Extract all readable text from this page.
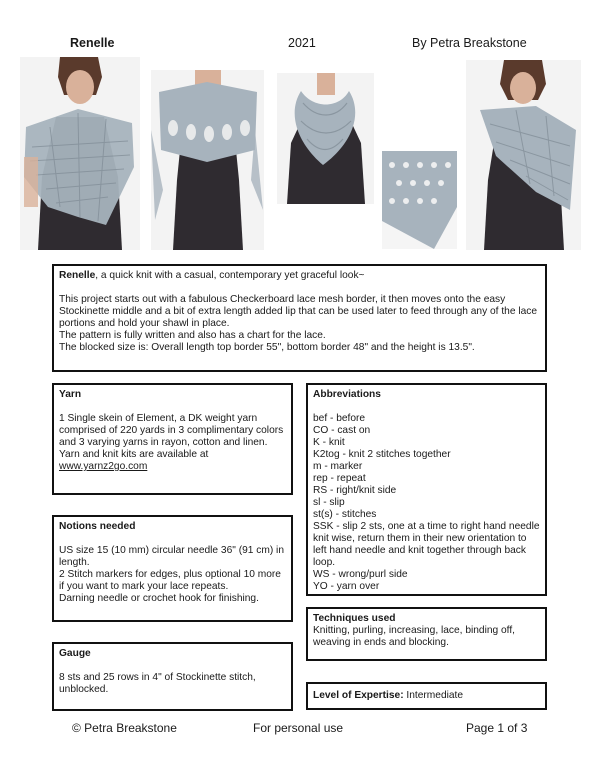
Renelle	2021	By Petra Breakstone

Renelle, a quick knit with a casual, contemporary yet graceful look~

This project starts out with a fabulous Checkerboard lace mesh border, it then moves onto the easy Stockinette middle and a bit of extra length added lip that can be used later to feed through any of the lace portions and hold your shawl in place.

The pattern is fully written and also has a chart for the lace.

The blocked size is: Overall length top border 55", bottom border 48" and the height is 13.5".

Yarn

1 Single skein of Element, a DK weight yarn comprised of 220 yards in 3 complimentary colors and 3 varying yarns in rayon, cotton and linen.

Yarn and knit kits are available at

www.yarnz2go.com
Notions needed

US size 15 (10 mm) circular needle 36" (91 cm) in length.

2 Stitch markers for edges, plus optional 10 more if you want to mark your lace repeats.

Darning needle or crochet hook for finishing.

Gauge

8 sts and 25 rows in 4" of Stockinette stitch, unblocked.

Abbreviations
bef - before
CO - cast on
K - knit
K2tog - knit 2 stitches together
m - marker
rep - repeat
RS - right/knit side
sl - slip
st(s) - stitches
SSK - slip 2 sts, one at a time to right hand needle knit wise, return them in their new orientation to left hand needle and knit together through back loop.
WS - wrong/purl side
YO - yarn over
Techniques used

Knitting, purling, increasing, lace, binding off, weaving in ends and blocking.

Level of Expertise: Intermediate
© Petra Breakstone	For personal use	Page 1 of 3
